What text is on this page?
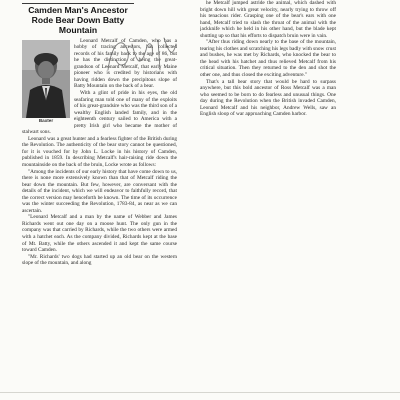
Camden Man's Ancestor

Rode Bear Down Batty

Mountain

Baxter

Leonard Metcalf of Camden, who has a hobby of tracing ancestors, has collected records of his family back to the age of 86, but he has the distinction of being the great-grandson of Leonard Metcalf, that early Maine pioneer who is credited by historians with having ridden down the precipitous slope of Batty Mountain on the back of a bear.

With a glint of pride in his eyes, the old seafaring man told one of many of the exploits of his great-grandsire who was the third son of a wealthy English landed family, and in the eighteenth century sailed to America with a pretty Irish girl who became the mother of stalwart sons.

Leonard was a great hunter and a fearless fighter of the British during the Revolution. The authenticity of the bear story cannot be questioned, for it is vouched for by John L. Locke in his history of Camden, published in 1859. In describing Metcalf's hair-raising ride down the mountainside on the back of the bruin, Locke wrote as follows:

"Among the incidents of our early history that have come down to us, there is none more extensively known than that of Metcalf riding the bear down the mountain. But few, however, are conversant with the details of the incident, which we will endeavor to faithfully record, that the correct version may henceforth be known. The time of its occurrence was the winter succeeding the Revolution, 1783-84, as near as we can ascertain.

"Leonard Metcalf and a man by the name of Webber and James Richards went out one day on a moose hunt. The only gun in the company was that carried by Richards, while the two others were armed with a hatchet each. As the company divided, Richards kept at the base of Mt. Batty, while the others ascended it and kept the same course toward Camden.

"Mr. Richards' two dogs had started up an old bear on the western slope of the mountain, and along

he Metcalf jumped astride the animal, which dashed with bright down hill with great velocity, nearly trying to throw off his tenacious rider. Grasping one of the bear's ears with one hand, Metcalf tried to slash the throat of the animal with the jackknife which he held in his other hand, but the blade kept shutting up so that his efforts to dispatch bruin were in vain.

"After thus riding down nearly to the base of the mountain, tearing his clothes and scratching his legs badly with snow crust and bushes, he was met by Richards, who knocked the bear to the head with his hatchet and thus relieved Metcalf from his critical situation. Then they returned to the den and shot the other one, and thus closed the exciting adventure."

That's a tall bear story that would be hard to surpass anywhere, but this bold ancestor of Ross Metcalf was a man who seemed to be born to do fearless and unusual things. One day during the Revolution when the British invaded Camden, Leonard Metcalf and his neighbor, Andrew Wells, saw an English sloop of war approaching Camden harbor.
